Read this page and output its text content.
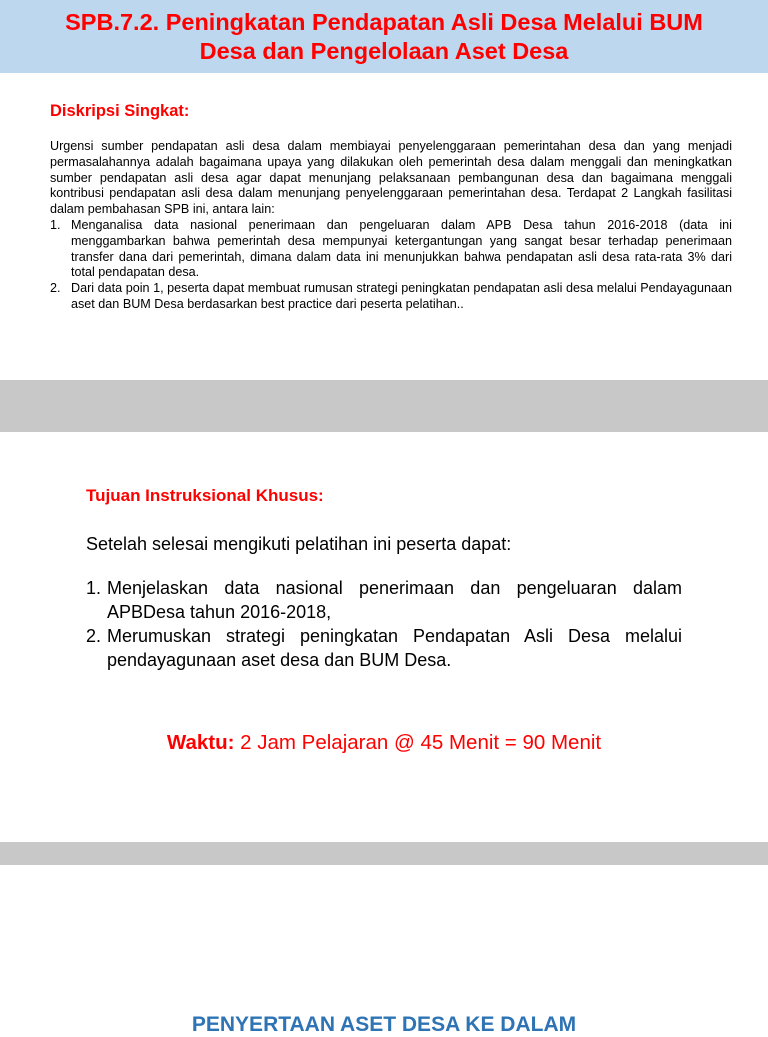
SPB.7.2. Peningkatan Pendapatan Asli Desa Melalui BUM
Desa dan Pengelolaan Aset Desa
Diskripsi Singkat:

Urgensi sumber pendapatan asli desa dalam membiayai penyelenggaraan pemerintahan desa dan yang menjadi permasalahannya adalah bagaimana upaya yang dilakukan oleh pemerintah desa dalam menggali dan meningkatkan sumber pendapatan asli desa agar dapat menunjang pelaksanaan pembangunan desa dan bagaimana menggali kontribusi pendapatan asli desa dalam menunjang penyelenggaraan pemerintahan desa. Terdapat 2 Langkah fasilitasi dalam pembahasan SPB ini, antara lain:

1. Menganalisa data nasional penerimaan dan pengeluaran dalam APB Desa tahun 2016-2018 (data ini menggambarkan bahwa pemerintah desa mempunyai ketergantungan yang sangat besar terhadap penerimaan transfer dana dari pemerintah, dimana dalam data ini menunjukkan bahwa pendapatan asli desa rata-rata 3% dari total pendapatan desa.
2. Dari data poin 1, peserta dapat membuat rumusan strategi peningkatan pendapatan asli desa melalui Pendayagunaan aset dan BUM Desa berdasarkan best practice dari peserta pelatihan..
Tujuan Instruksional Khusus:
Setelah selesai mengikuti pelatihan ini peserta dapat:
1. Menjelaskan data nasional penerimaan dan pengeluaran dalam APBDesa tahun 2016-2018,
2. Merumuskan strategi peningkatan Pendapatan Asli Desa melalui pendayagunaan aset desa dan BUM Desa.
Waktu: 2 Jam Pelajaran @ 45 Menit = 90 Menit
PENYERTAAN ASET DESA KE DALAM
